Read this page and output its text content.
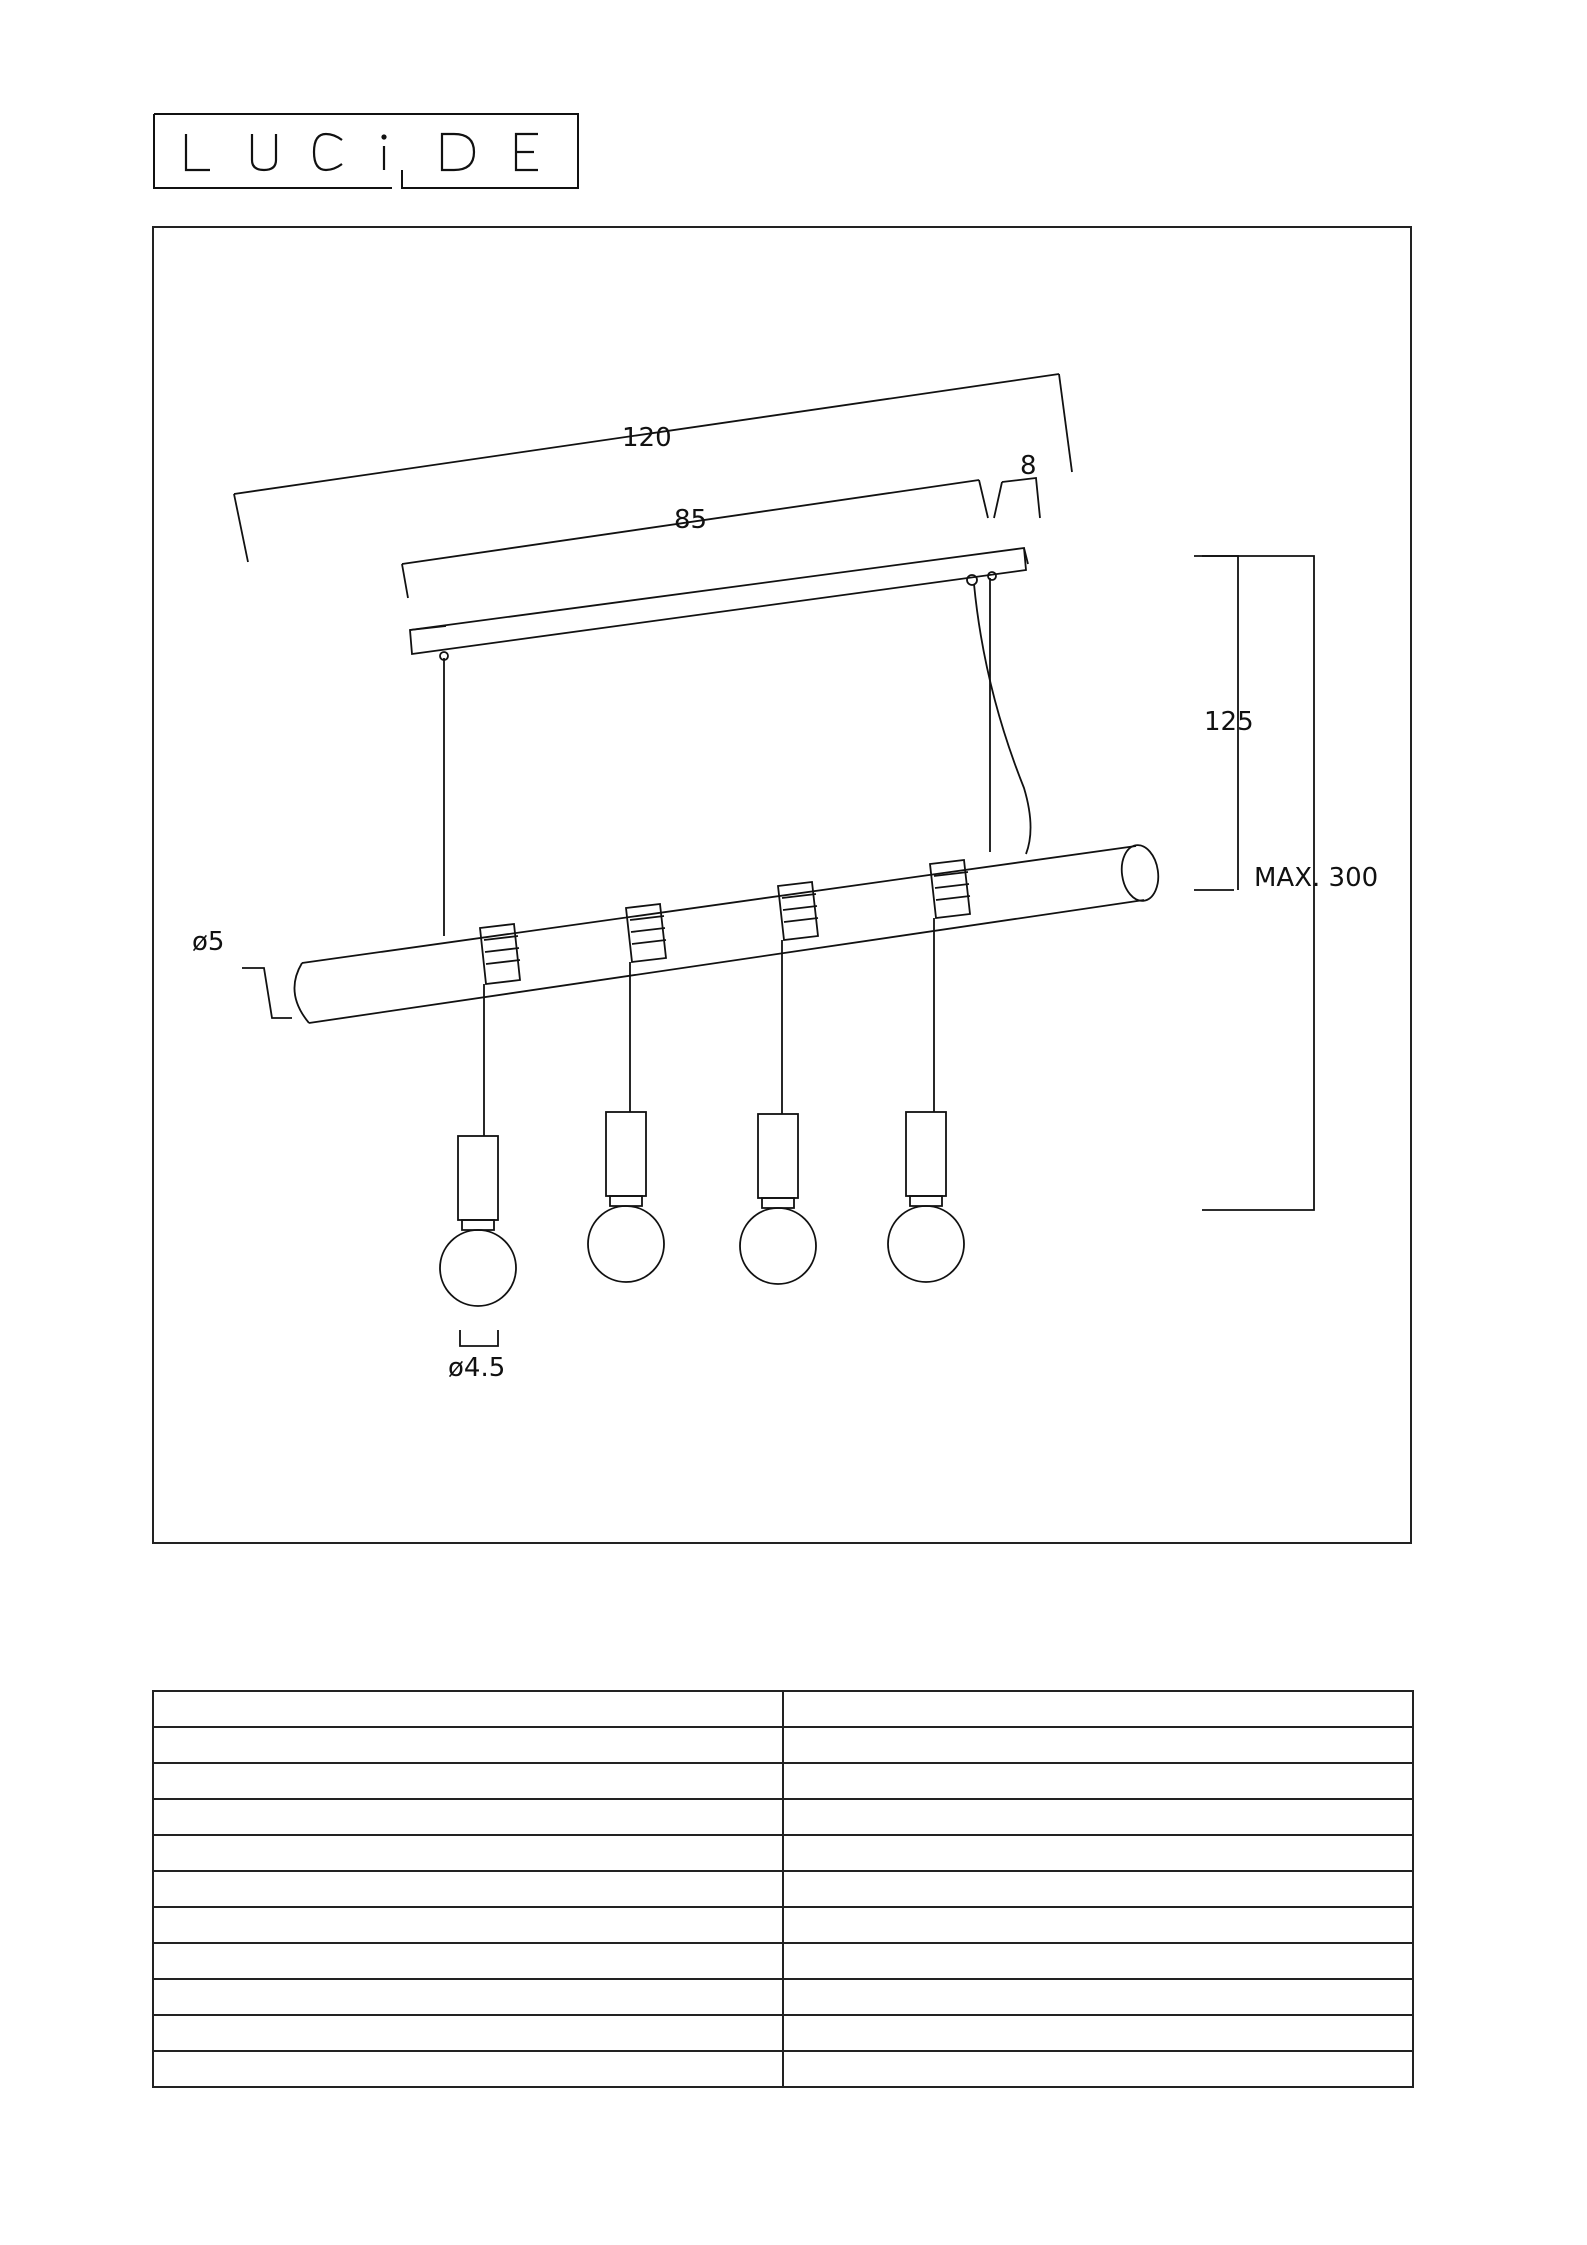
120
85
8
125
MAX. 300
ø5
ø4.5
